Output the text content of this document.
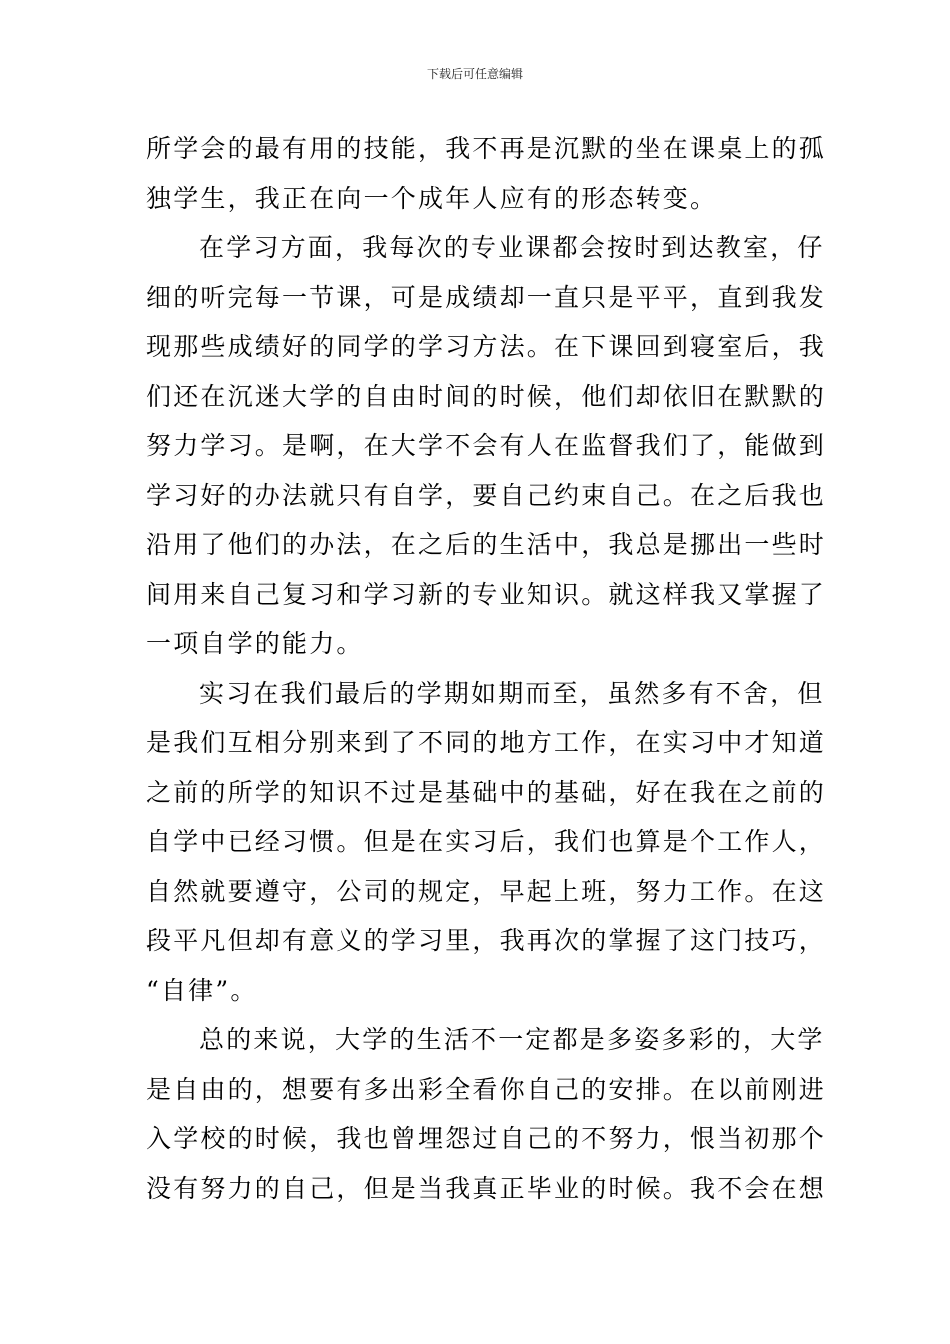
下载后可任意编辑
所学会的最有用的技能，我不再是沉默的坐在课桌上的孤
独学生，我正在向一个成年人应有的形态转变。
在学习方面，我每次的专业课都会按时到达教室，仔
细的听完每一节课，可是成绩却一直只是平平，直到我发
现那些成绩好的同学的学习方法。在下课回到寝室后，我
们还在沉迷大学的自由时间的时候，他们却依旧在默默的
努力学习。是啊，在大学不会有人在监督我们了，能做到
学习好的办法就只有自学，要自己约束自己。在之后我也
沿用了他们的办法，在之后的生活中，我总是挪出一些时
间用来自己复习和学习新的专业知识。就这样我又掌握了
一项自学的能力。
实习在我们最后的学期如期而至，虽然多有不舍，但
是我们互相分别来到了不同的地方工作，在实习中才知道
之前的所学的知识不过是基础中的基础，好在我在之前的
自学中已经习惯。但是在实习后，我们也算是个工作人，
自然就要遵守，公司的规定，早起上班，努力工作。在这
段平凡但却有意义的学习里，我再次的掌握了这门技巧，
“自律”。
总的来说，大学的生活不一定都是多姿多彩的，大学
是自由的，想要有多出彩全看你自己的安排。在以前刚进
入学校的时候，我也曾埋怨过自己的不努力，恨当初那个
没有努力的自己，但是当我真正毕业的时候。我不会在想
